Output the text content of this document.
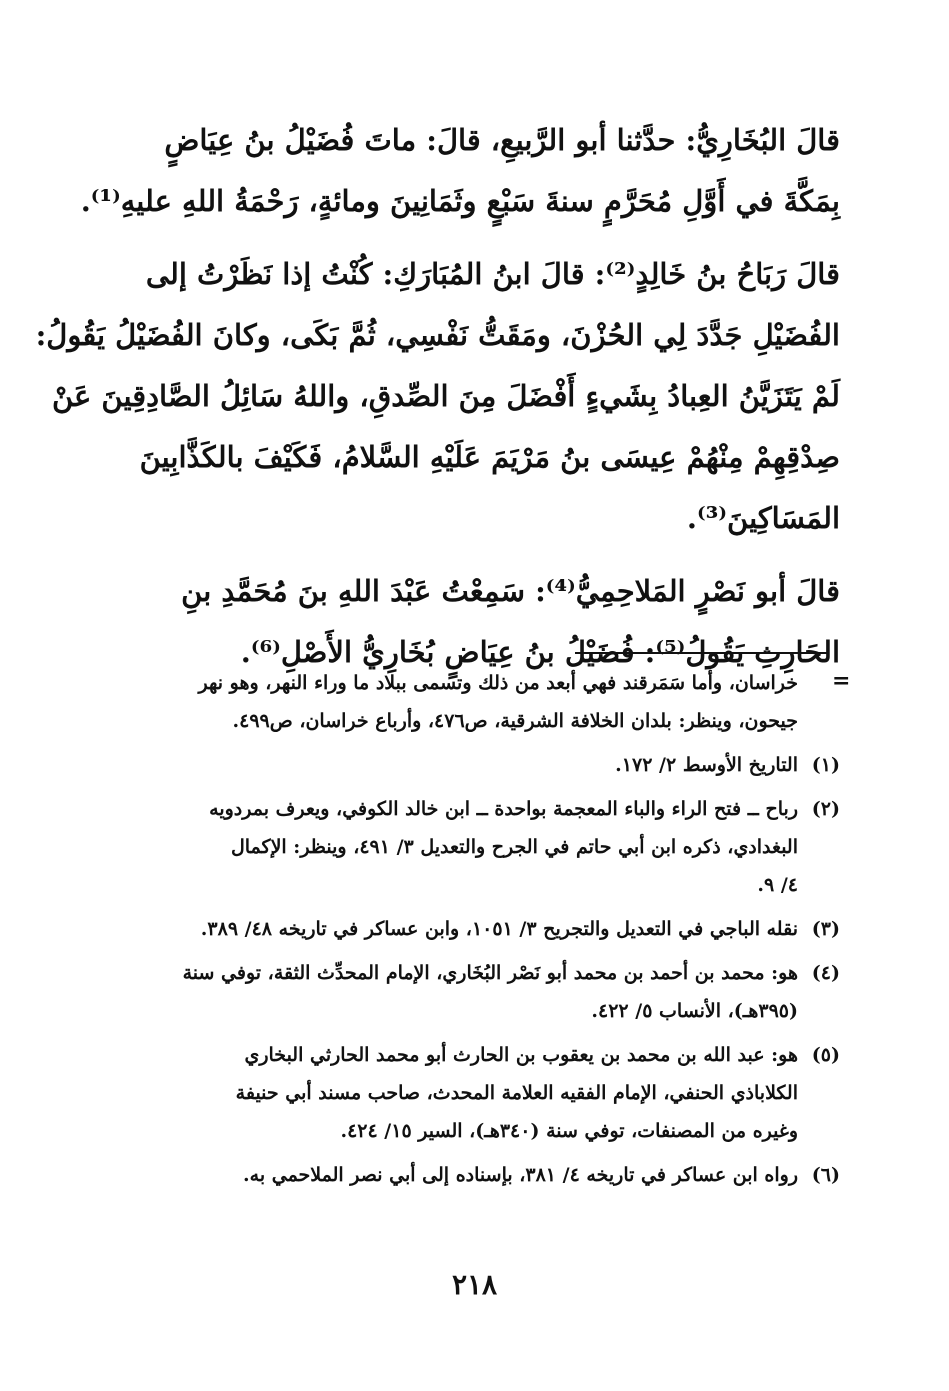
قالَ البُخَارِيُّ: حدَّثنا أبو الرَّبيعِ، قالَ: ماتَ فُضَيْلُ بنُ عِيَاضٍ
بِمَكَّةَ في أَوَّلِ مُحَرَّمٍ سنةَ سَبْعٍ وثَمَانِينَ ومائةٍ، رَحْمَةُ اللهِ عليهِ⁽¹⁾.

قالَ رَبَاحُ بنُ خَالِدٍ⁽²⁾: قالَ ابنُ المُبَارَكِ: كُنْتُ إذا نَظَرْتُ إلى
الفُضَيْلِ جَدَّدَ لِي الحُزْنَ، ومَقَتُّ نَفْسِي، ثُمَّ بَكَى، وكانَ الفُضَيْلُ يَقُولُ:
لَمْ يَتَزَيَّنُ العِبادُ بِشَيءٍ أَفْضَلَ مِنَ الصِّدقِ، واللهُ سَائِلُ الصَّادِقِينَ عَنْ
صِدْقِهِمْ مِنْهُمْ عِيسَى بنُ مَرْيَمَ عَلَيْهِ السَّلامُ، فَكَيْفَ بالكَذَّابِينَ
المَسَاكِينَ⁽³⁾.

قالَ أبو نَصْرٍ المَلاحِمِيُّ⁽⁴⁾: سَمِعْتُ عَبْدَ اللهِ بنَ مُحَمَّدِ بنِ
الحَارِثِ يَقُولُ⁽⁵⁾: فُضَيْلُ بنُ عِيَاضٍ بُخَارِيُّ الأَصْلِ⁽⁶⁾.

=
خراسان، وأما سَمَرقند فهي أبعد من ذلك وتسمى ببلاد ما وراء النهر، وهو نهر
جيحون، وينظر: بلدان الخلافة الشرقية، ص٤٧٦، وأرباع خراسان، ص٤٩٩.
(١)
التاريخ الأوسط ٢/ ١٧٢.
(٢)
رباح ــ فتح الراء والباء المعجمة بواحدة ــ ابن خالد الكوفي، ويعرف بمردويه
البغدادي، ذكره ابن أبي حاتم في الجرح والتعديل ٣/ ٤٩١، وينظر: الإكمال
٤/ ٩.
(٣)
نقله الباجي في التعديل والتجريح ٣/ ١٠٥١، وابن عساكر في تاريخه ٤٨/ ٣٨٩.
(٤)
هو: محمد بن أحمد بن محمد أبو نَصْر البُخَاري، الإمام المحدِّث الثقة، توفي سنة
(٣٩٥هـ)، الأنساب ٥/ ٤٢٢.
(٥)
هو: عبد الله بن محمد بن يعقوب بن الحارث أبو محمد الحارثي البخاري
الكلاباذي الحنفي، الإمام الفقيه العلامة المحدث، صاحب مسند أبي حنيفة
وغيره من المصنفات، توفي سنة (٣٤٠هـ)، السير ١٥/ ٤٢٤.
(٦)
رواه ابن عساكر في تاريخه ٤/ ٣٨١، بإسناده إلى أبي نصر الملاحمي به.
٢١٨
